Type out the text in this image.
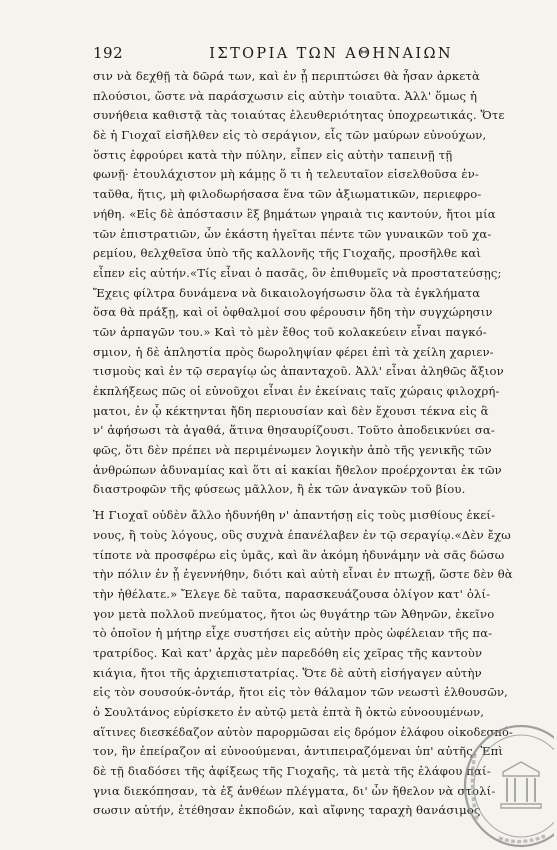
192	ΙΣΤΟΡΙΑ ΤΩΝ ΑΘΗΝΑΙΩΝ
σιν νὰ δεχθῇ τὰ δῶρά των, καὶ ἐν ᾗ περιπτώσει θὰ ἦσαν ἀρκετὰ
πλούσιοι, ὥστε νὰ παράσχωσιν εἰς αὐτὴν τοιαῦτα. Ἀλλ' ὅμως ἡ
συνήθεια καθιστᾷ τὰς τοιαύτας ἐλευθεριότητας ὑποχρεωτικάς. Ὅτε
δὲ ἡ Γιοχαῖ εἰσῆλθεν εἰς τὸ σεράγιον, εἷς τῶν μαύρων εὐνούχων,
ὅστις ἐφρούρει κατὰ τὴν πύλην, εἶπεν εἰς αὐτὴν ταπεινῇ τῇ
φωνῇ· ἐτουλάχιστον μὴ κάμῃς ὅ τι ἡ τελευταῖον εἰσελθοῦσα ἐν-
ταῦθα, ἥτις, μὴ φιλοδωρήσασα ἕνα τῶν ἀξιωματικῶν, περιεφρο-
νήθη. «Εἰς δὲ ἀπόστασιν ἓξ βημάτων γηραιὰ τις καντούν, ἤτοι μία
τῶν ἐπιστρατιῶν, ὧν ἑκάστη ἡγεῖται πέντε τῶν γυναικῶν τοῦ χα-
ρεμίου, θελχθεῖσα ὑπὸ τῆς καλλονῆς τῆς Γιοχαῆς, προσῆλθε καὶ
εἶπεν εἰς αὐτήν.«Τίς εἶναι ὁ πασᾶς, ὃν ἐπιθυμεῖς νὰ προστατεύσῃς;
Ἔχεις φίλτρα δυνάμενα νὰ δικαιολογήσωσιν ὅλα τὰ ἐγκλήματα
ὅσα θὰ πράξῃ, καὶ οἱ ὀφθαλμοί σου φέρουσιν ἤδη τὴν συγχώρησιν
τῶν ἁρπαγῶν του.» Καὶ τὸ μὲν ἔθος τοῦ κολακεύειν εἶναι παγκό-
σμιον, ἡ δὲ ἀπληστία πρὸς δωροληψίαν φέρει ἐπὶ τὰ χείλη χαριεν-
τισμοὺς καὶ ἐν τῷ σεραγίῳ ὡς ἁπανταχοῦ. Ἀλλ' εἶναι ἀληθῶς ἄξιον
ἐκπλήξεως πῶς οἱ εὐνοῦχοι εἶναι ἐν ἐκείναις ταῖς χώραις φιλοχρή-
ματοι, ἐν ᾧ κέκτηνται ἤδη περιουσίαν καὶ δὲν ἔχουσι τέκνα εἰς ἃ
ν' ἀφήσωσι τὰ ἀγαθά, ἅτινα θησαυρίζουσι. Τοῦτο ἀποδεικνύει σα-
φῶς, ὅτι δὲν πρέπει νὰ περιμένωμεν λογικὴν ἀπὸ τῆς γενικῆς τῶν
ἀνθρώπων ἀδυναμίας καὶ ὅτι αἱ κακίαι ἤθελον προέρχονται ἐκ τῶν
διαστροφῶν τῆς φύσεως μᾶλλον, ἢ ἐκ τῶν ἀναγκῶν τοῦ βίου.
Ἡ Γιοχαῖ οὐδὲν ἄλλο ἠδυνήθη ν' ἀπαντήσῃ εἰς τοὺς μισθίους ἐκεί-
νους, ἢ τοὺς λόγους, οὓς συχνὰ ἐπανέλαβεν ἐν τῷ σεραγίῳ.«Δὲν ἔχω
τίποτε νὰ προσφέρω εἰς ὑμᾶς, καὶ ἂν ἀκόμη ἠδυνάμην νὰ σᾶς δώσω
τὴν πόλιν ἐν ᾗ ἐγεννήθην, διότι καὶ αὐτὴ εἶναι ἐν πτωχῇ, ὥστε δὲν θὰ
τὴν ἠθέλατε.» Ἔλεγε δὲ ταῦτα, παρασκευάζουσα ὀλίγον κατ' ὀλί-
γον μετὰ πολλοῦ πνεύματος, ἤτοι ὡς θυγάτηρ τῶν Ἀθηνῶν, ἐκεῖνο
τὸ ὁποῖον ἡ μήτηρ εἶχε συστήσει εἰς αὐτὴν πρὸς ὠφέλειαν τῆς πα-
τρατρίδος. Καὶ κατ' ἀρχὰς μὲν παρεδόθη εἰς χεῖρας τῆς καντοὺν
κιάγια, ἤτοι τῆς ἀρχιεπιστατρίας. Ὅτε δὲ αὐτὴ εἰσήγαγεν αὐτὴν
εἰς τὸν σουσούκ-ὀντάρ, ἤτοι εἰς τὸν θάλαμον τῶν νεωστὶ ἐλθουσῶν,
ὁ Σουλτάνος εὑρίσκετο ἐν αὐτῷ μετὰ ἑπτὰ ἢ ὀκτὼ εὐνοουμένων,
αἵτινες διεσκέδαζον αὐτὸν παρορμῶσαι εἰς δρόμον ἐλάφου οἰκοδεσπό-
τον, ἣν ἐπείραζον αἱ εὐνοούμεναι, ἀντιπειραζόμεναι ὑπ' αὐτῆς. Ἐπὶ
δὲ τῇ διαδόσει τῆς ἀφίξεως τῆς Γιοχαῆς, τὰ μετὰ τῆς ἐλάφου παί-
γνια διεκόπησαν, τὰ ἐξ ἀνθέων πλέγματα, δι' ὧν ἤθελον νὰ στολί-
σωσιν αὐτήν, ἐτέθησαν ἐκποδών, καὶ αἴφνης ταραχὴ θανάσιμος
